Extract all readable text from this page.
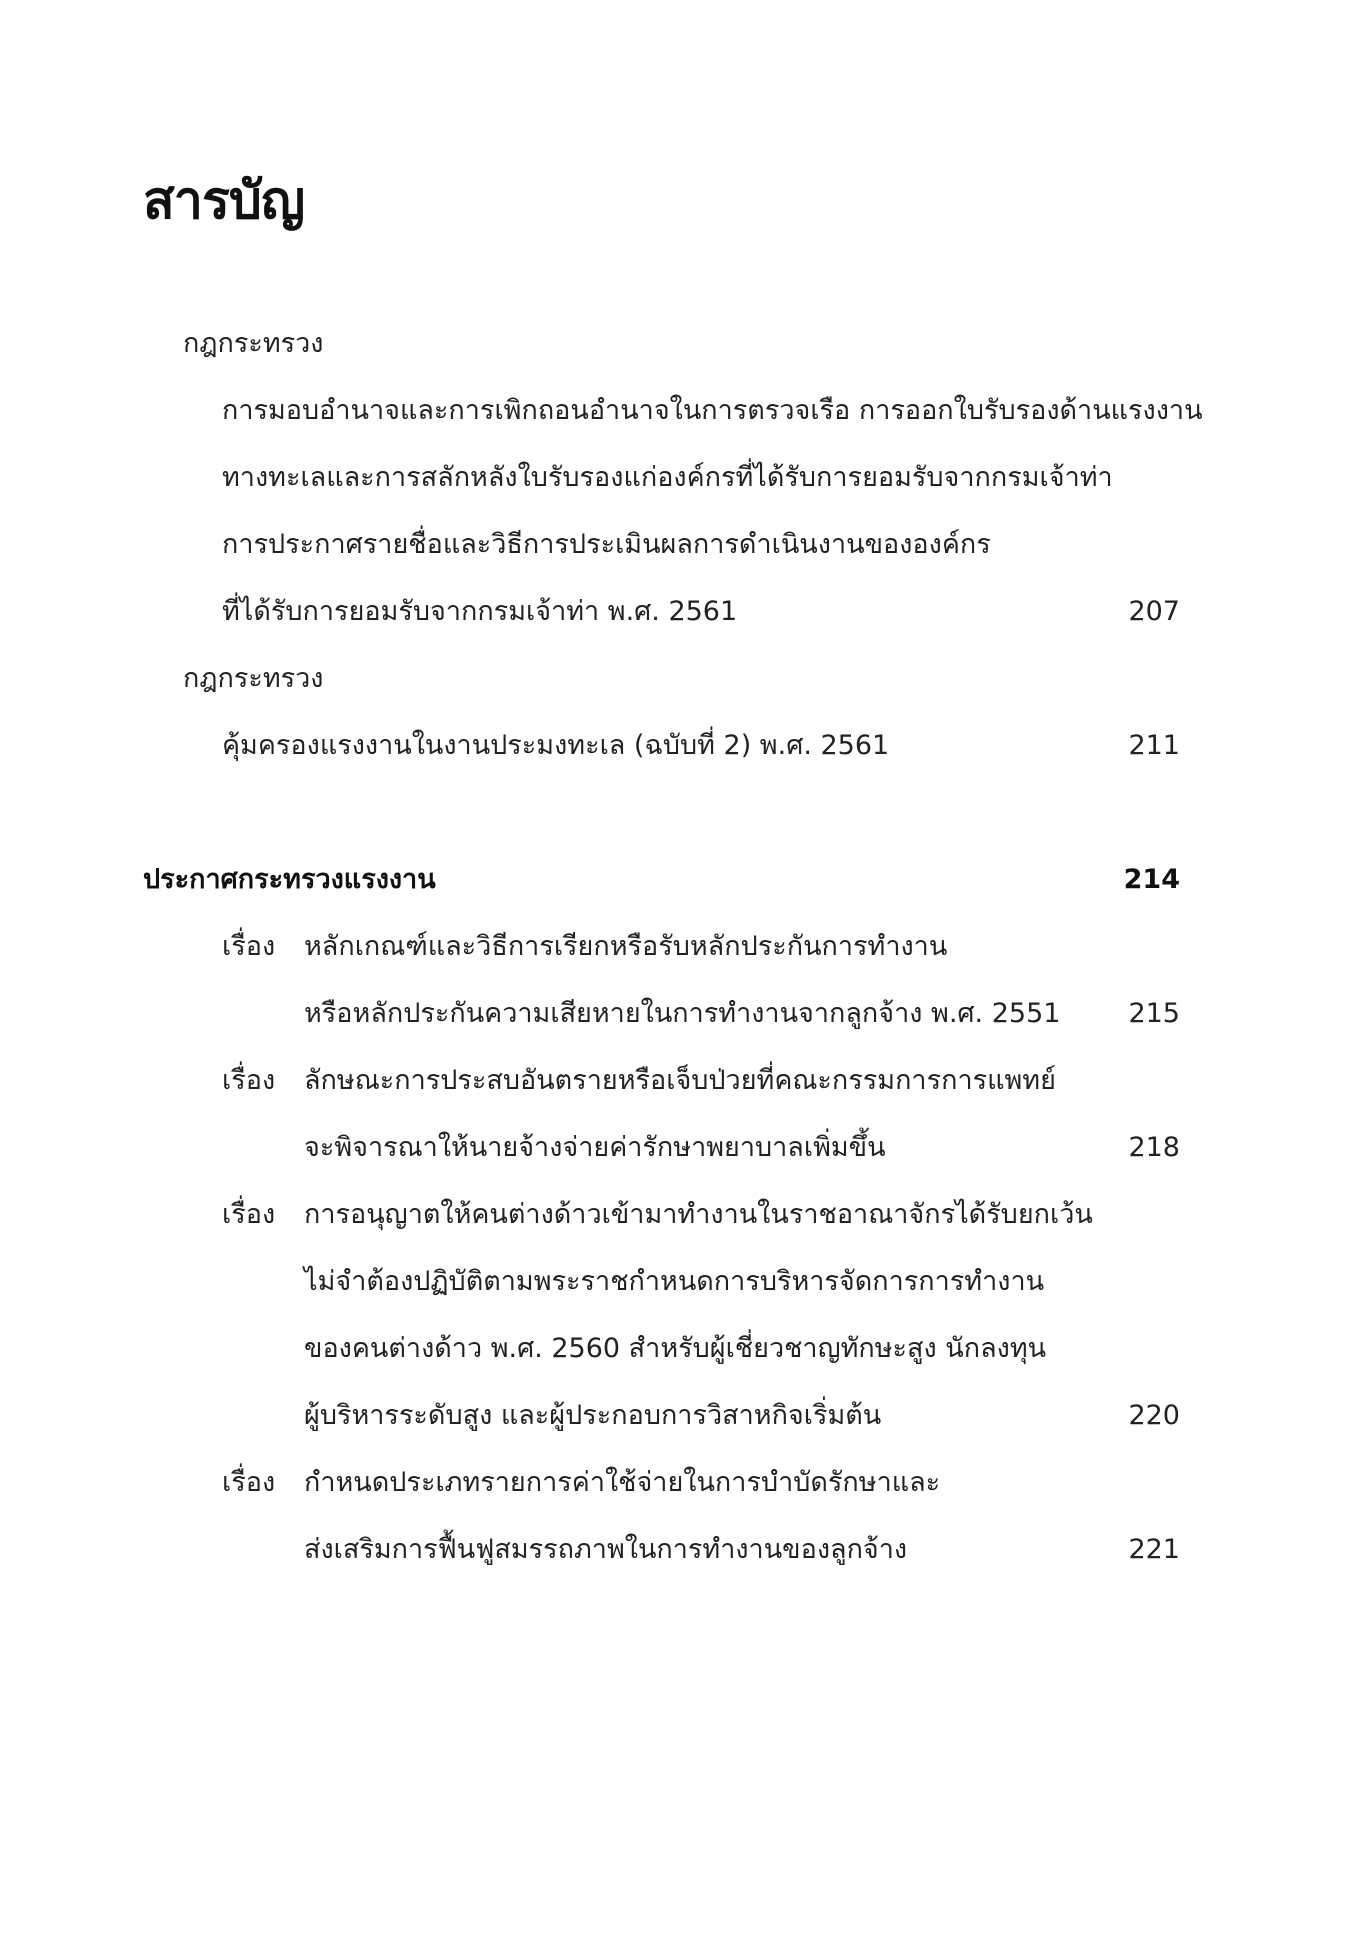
สารบัญ
กฎกระทรวง
การมอบอำนาจและการเพิกถอนอำนาจในการตรวจเรือ การออกใบรับรองด้านแรงงาน
ทางทะเลและการสลักหลังใบรับรองแก่องค์กรที่ได้รับการยอมรับจากกรมเจ้าท่า
การประกาศรายชื่อและวิธีการประเมินผลการดำเนินงานขององค์กร
ที่ได้รับการยอมรับจากกรมเจ้าท่า พ.ศ. 2561	207
กฎกระทรวง
คุ้มครองแรงงานในงานประมงทะเล (ฉบับที่ 2) พ.ศ. 2561	211
ประกาศกระทรวงแรงงาน	214
เรื่อง หลักเกณฑ์และวิธีการเรียกหรือรับหลักประกันการทำงาน
หรือหลักประกันความเสียหายในการทำงานจากลูกจ้าง พ.ศ. 2551	215
เรื่อง ลักษณะการประสบอันตรายหรือเจ็บป่วยที่คณะกรรมการการแพทย์
จะพิจารณาให้นายจ้างจ่ายค่ารักษาพยาบาลเพิ่มขึ้น	218
เรื่อง การอนุญาตให้คนต่างด้าวเข้ามาทำงานในราชอาณาจักรได้รับยกเว้น
ไม่จำต้องปฏิบัติตามพระราชกำหนดการบริหารจัดการการทำงาน
ของคนต่างด้าว พ.ศ. 2560 สำหรับผู้เชี่ยวชาญทักษะสูง นักลงทุน
ผู้บริหารระดับสูง และผู้ประกอบการวิสาหกิจเริ่มต้น	220
เรื่อง กำหนดประเภทรายการค่าใช้จ่ายในการบำบัดรักษาและ
ส่งเสริมการฟื้นฟูสมรรถภาพในการทำงานของลูกจ้าง	221
